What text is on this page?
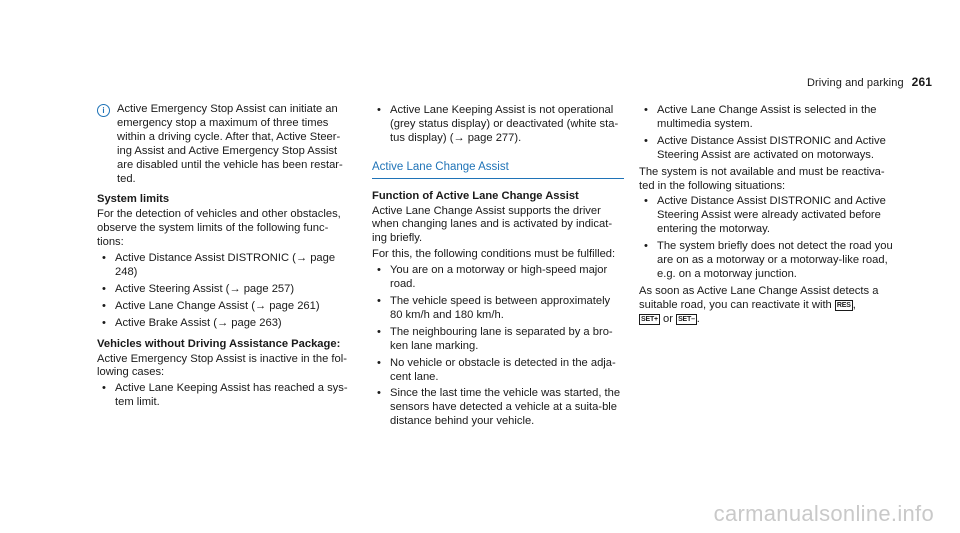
Driving and parking 261
i	Active Emergency Stop Assist can initiate an emergency stop a maximum of three times within a driving cycle. After that, Active Steer-ing Assist and Active Emergency Stop Assist are disabled until the vehicle has been restar-ted.

System limits

For the detection of vehicles and other obstacles, observe the system limits of the following func-tions:

• Active Distance Assist DISTRONIC (→ page 248)
• Active Steering Assist (→ page 257)
• Active Lane Change Assist (→ page 261)
• Active Brake Assist (→ page 263)

Vehicles without Driving Assistance Package:

Active Emergency Stop Assist is inactive in the fol-lowing cases:

• Active Lane Keeping Assist has reached a sys-tem limit.
• Active Lane Keeping Assist is not operational (grey status display) or deactivated (white sta-tus display) (→ page 277).
Active Lane Change Assist

Function of Active Lane Change Assist

Active Lane Change Assist supports the driver when changing lanes and is activated by indicat-ing briefly.

For this, the following conditions must be fulfilled:

• You are on a motorway or high-speed major road.
• The vehicle speed is between approximately 80 km/h and 180 km/h.
• The neighbouring lane is separated by a bro-ken lane marking.
• No vehicle or obstacle is detected in the adja-cent lane.
• Since the last time the vehicle was started, the sensors have detected a vehicle at a suita-ble distance behind your vehicle.
• Active Lane Change Assist is selected in the multimedia system.
• Active Distance Assist DISTRONIC and Active Steering Assist are activated on motorways.

The system is not available and must be reactiva-ted in the following situations:

• Active Distance Assist DISTRONIC and Active Steering Assist were already activated before entering the motorway.
• The system briefly does not detect the road you are on as a motorway or a motorway-like road, e.g. on a motorway junction.

As soon as Active Lane Change Assist detects a suitable road, you can reactivate it with RES ,
SET+ or SET– .

carmanualsonline.info
